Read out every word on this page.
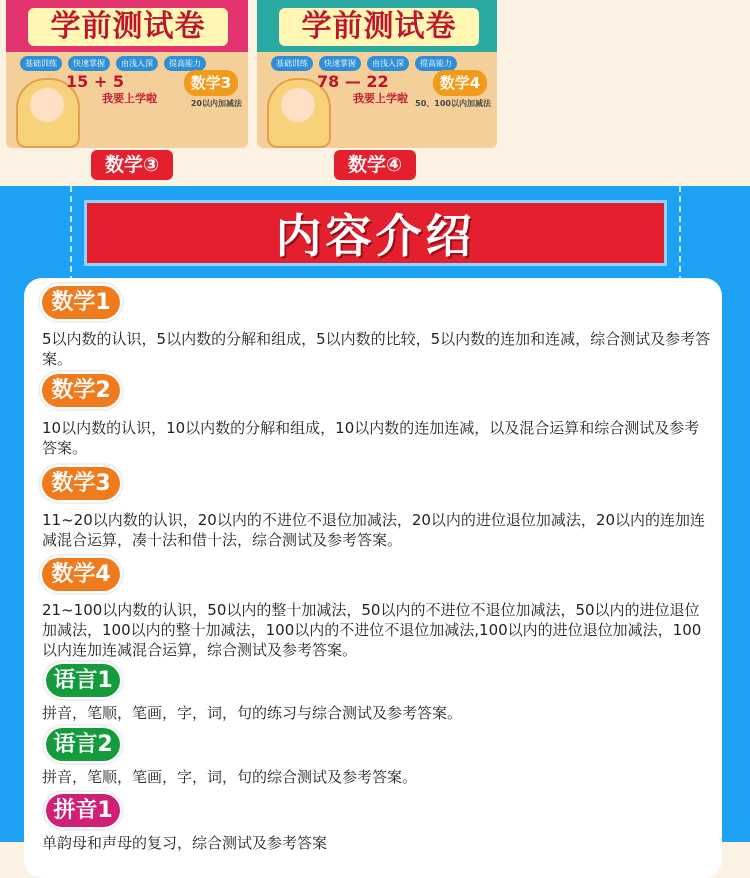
学前测试卷
基础训练	快速掌握	由浅入深	提高能力
15 + 5
我要上学啦
数学3
20以内加减法
学前测试卷
基础训练	快速掌握	由浅入深	提高能力
78 — 22
我要上学啦
数学4
50、100以内加减法
数学③	数学④
内容介绍
数学1
5以内数的认识，5以内数的分解和组成，5以内数的比较，5以内数的连加和连减，综合测试及参考答案。
数学2
10以内数的认识，10以内数的分解和组成，10以内数的连加连减，以及混合运算和综合测试及参考答案。
数学3
11~20以内数的认识，20以内的不进位不退位加减法，20以内的进位退位加减法，20以内的连加连减混合运算，凑十法和借十法，综合测试及参考答案。
数学4
21~100以内数的认识，50以内的整十加减法，50以内的不进位不退位加减法，50以内的进位退位加减法，100以内的整十加减法，100以内的不进位不退位加减法,100以内的进位退位加减法，100以内连加连减混合运算，综合测试及参考答案。
语言1
拼音，笔顺，笔画，字，词，句的练习与综合测试及参考答案。
语言2
拼音，笔顺，笔画，字，词，句的综合测试及参考答案。
拼音1
单韵母和声母的复习，综合测试及参考答案
